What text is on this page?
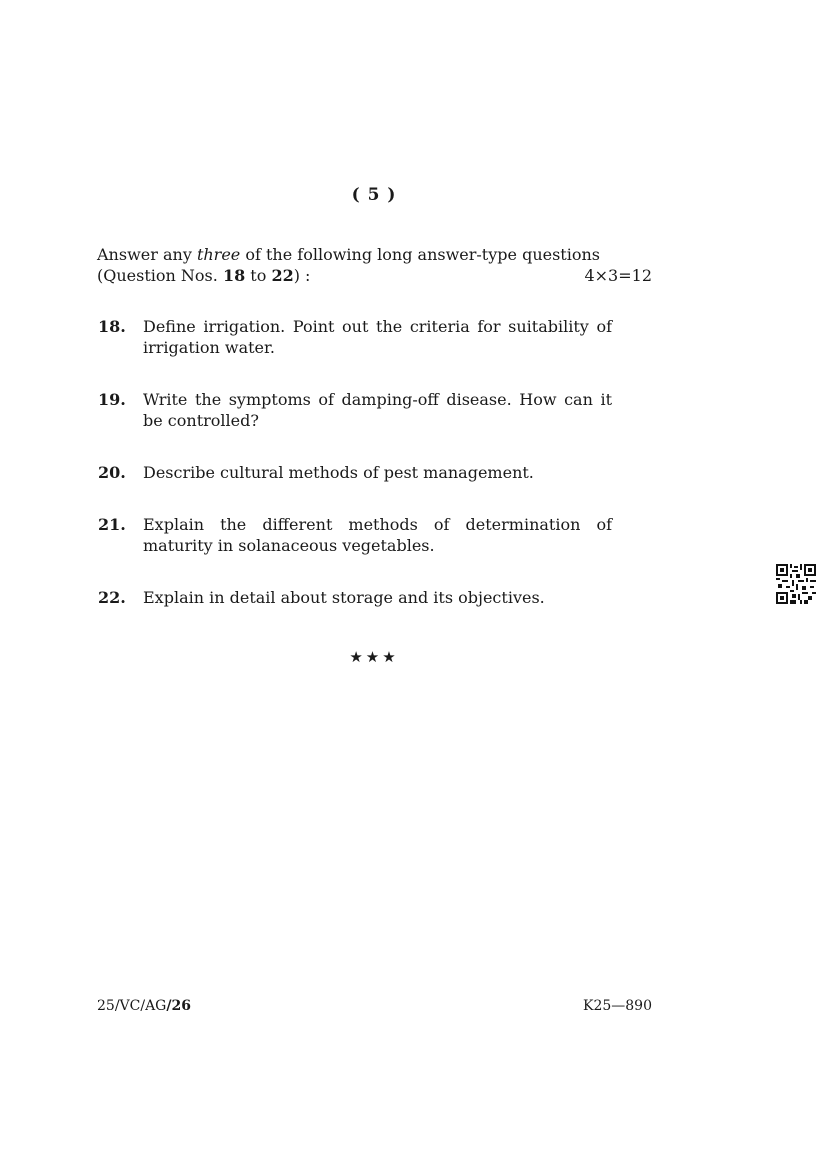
( 5 )
Answer any three of the following long answer-type questions
(Question Nos. 18 to 22) :	4×3=12
18. Define irrigation. Point out the criteria for suitability of irrigation water.
19. Write the symptoms of damping-off disease. How can it be controlled?
20. Describe cultural methods of pest management.
21. Explain the different methods of determination of maturity in solanaceous vegetables.
22. Explain in detail about storage and its objectives.
★★★
25/VC/AG/26	K25—890
